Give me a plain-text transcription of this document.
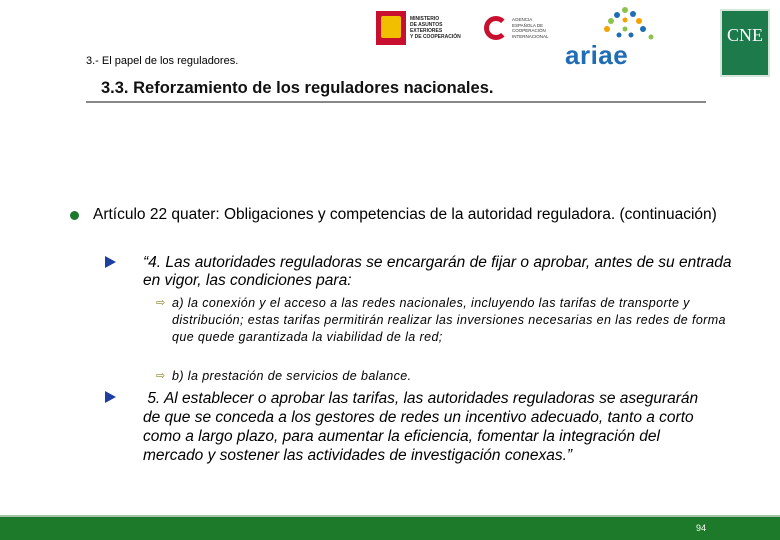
MINISTERIO
DE ASUNTOS EXTERIORES
Y DE COOPERACIÓN
AGENCIA
ESPAÑOLA DE
COOPERACIÓN
INTERNACIONAL
ariae
CNE
3.- El papel de los reguladores.
3.3. Reforzamiento de los reguladores nacionales.
Artículo 22 quater: Obligaciones y competencias de la autoridad reguladora. (continuación)
“4. Las autoridades reguladoras se encargarán de fijar o aprobar, antes de su entrada en vigor, las condiciones para:
⇨ a) la conexión y el acceso a las redes nacionales, incluyendo las tarifas de transporte y distribución; estas tarifas permitirán realizar las inversiones necesarias en las redes de forma que quede garantizada la viabilidad de la red;
⇨ b) la prestación de servicios de balance.
5. Al establecer o aprobar las tarifas, las autoridades reguladoras se asegurarán de que se conceda a los gestores de redes un incentivo adecuado, tanto a corto como a largo plazo, para aumentar la eficiencia, fomentar la integración del mercado y sostener las actividades de investigación conexas.”
94
